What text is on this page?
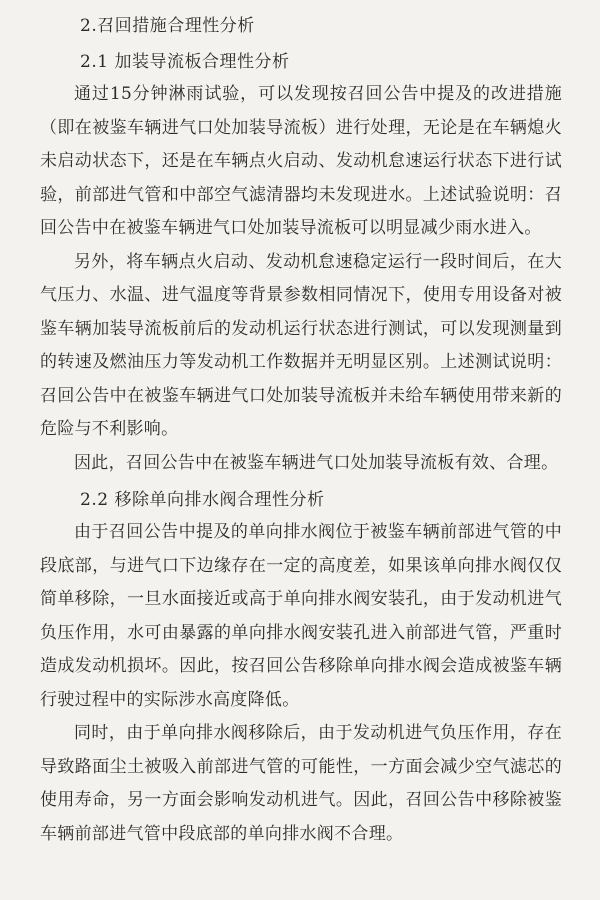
2.召回措施合理性分析
2.1 加装导流板合理性分析

通过15分钟淋雨试验，可以发现按召回公告中提及的改进措施（即在被鉴车辆进气口处加装导流板）进行处理，无论是在车辆熄火未启动状态下，还是在车辆点火启动、发动机怠速运行状态下进行试验，前部进气管和中部空气滤清器均未发现进水。上述试验说明：召回公告中在被鉴车辆进气口处加装导流板可以明显减少雨水进入。

另外，将车辆点火启动、发动机怠速稳定运行一段时间后，在大气压力、水温、进气温度等背景参数相同情况下，使用专用设备对被鉴车辆加装导流板前后的发动机运行状态进行测试，可以发现测量到的转速及燃油压力等发动机工作数据并无明显区别。上述测试说明：召回公告中在被鉴车辆进气口处加装导流板并未给车辆使用带来新的危险与不利影响。

因此，召回公告中在被鉴车辆进气口处加装导流板有效、合理。

2.2 移除单向排水阀合理性分析

由于召回公告中提及的单向排水阀位于被鉴车辆前部进气管的中段底部，与进气口下边缘存在一定的高度差，如果该单向排水阀仅仅简单移除，一旦水面接近或高于单向排水阀安装孔，由于发动机进气负压作用，水可由暴露的单向排水阀安装孔进入前部进气管，严重时造成发动机损坏。因此，按召回公告移除单向排水阀会造成被鉴车辆行驶过程中的实际涉水高度降低。

同时，由于单向排水阀移除后，由于发动机进气负压作用，存在导致路面尘土被吸入前部进气管的可能性，一方面会减少空气滤芯的使用寿命，另一方面会影响发动机进气。因此，召回公告中移除被鉴车辆前部进气管中段底部的单向排水阀不合理。
